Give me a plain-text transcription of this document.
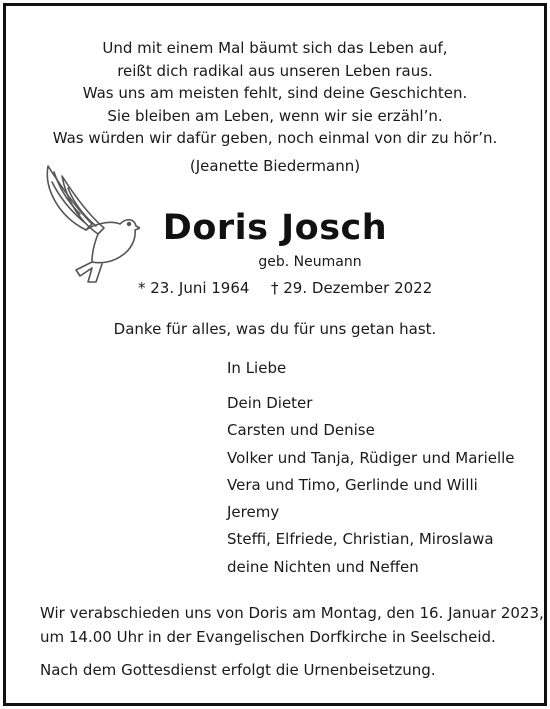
Und mit einem Mal bäumt sich das Leben auf,
reißt dich radikal aus unseren Leben raus.
Was uns am meisten fehlt, sind deine Geschichten.
Sie bleiben am Leben, wenn wir sie erzähl’n.
Was würden wir dafür geben, noch einmal von dir zu hör’n.
(Jeanette Biedermann)
Doris Josch
geb. Neumann
* 23. Juni 1964 † 29. Dezember 2022
Danke für alles, was du für uns getan hast.
In Liebe
Dein Dieter
Carsten und Denise
Volker und Tanja, Rüdiger und Marielle
Vera und Timo, Gerlinde und Willi
Jeremy
Steffi, Elfriede, Christian, Miroslawa
deine Nichten und Neffen
Wir verabschieden uns von Doris am Montag, den 16. Januar 2023,
um 14.00 Uhr in der Evangelischen Dorfkirche in Seelscheid.
Nach dem Gottesdienst erfolgt die Urnenbeisetzung.
